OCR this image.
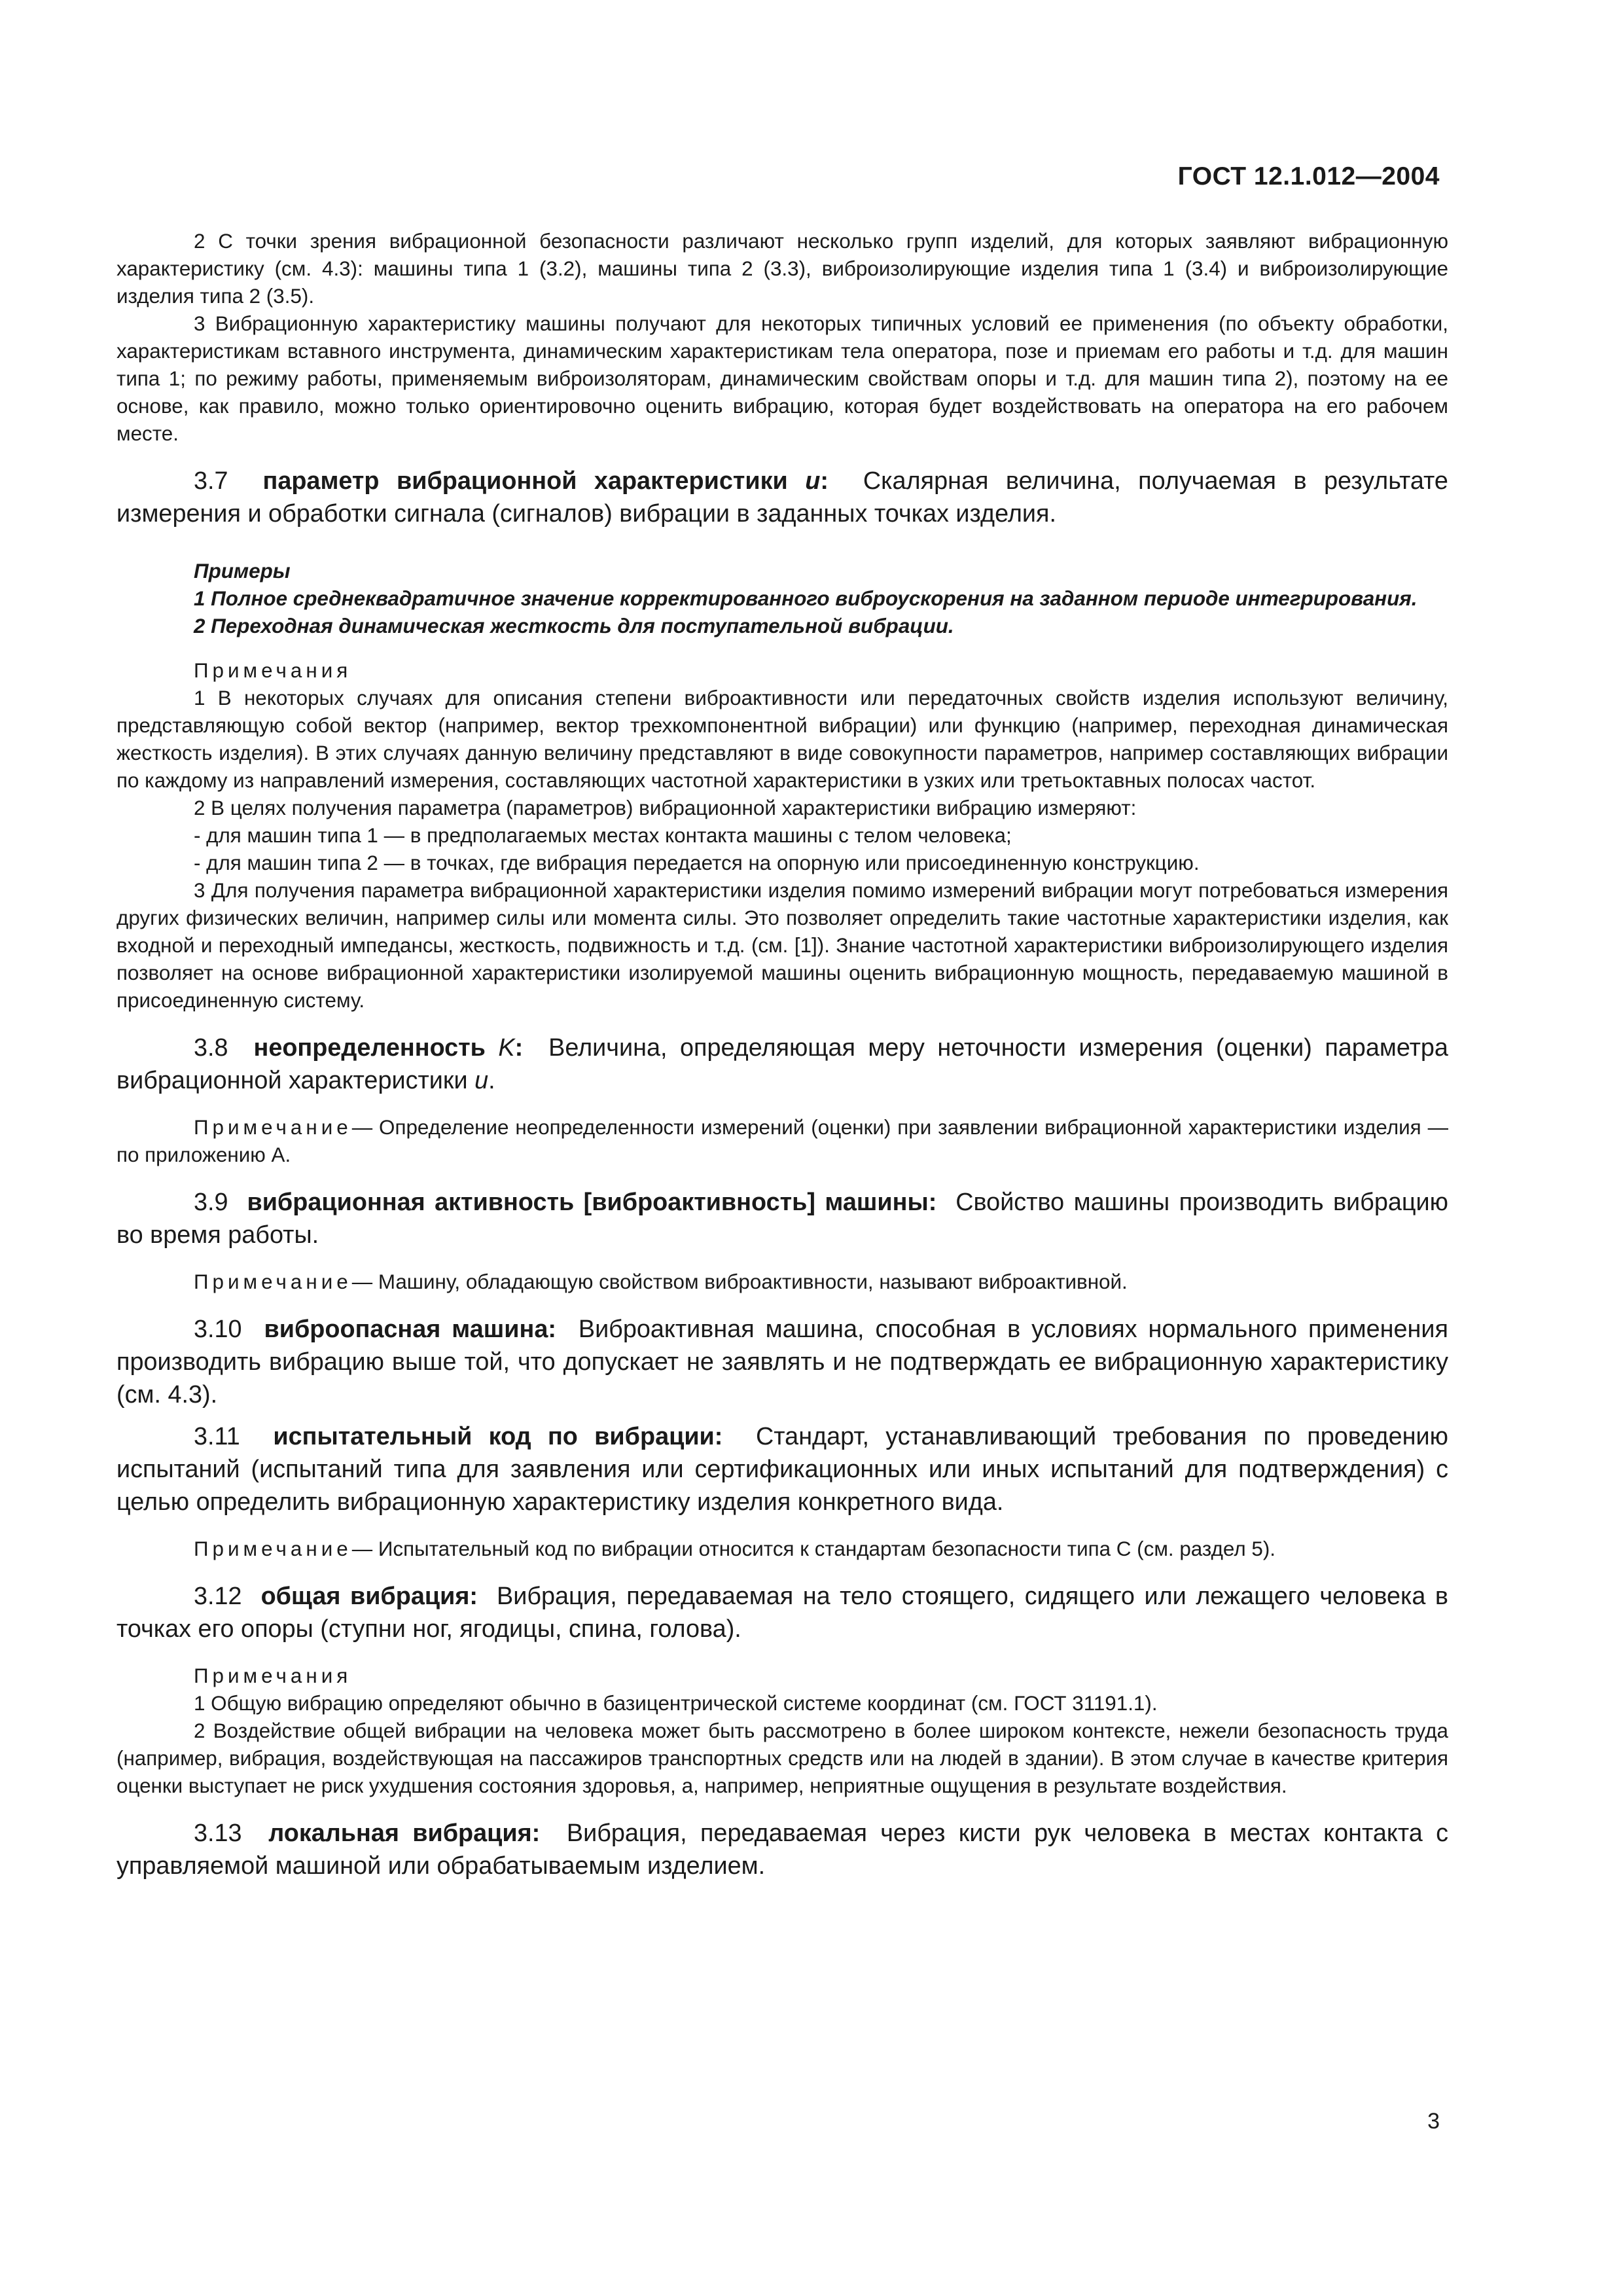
ГОСТ 12.1.012—2004

2 С точки зрения вибрационной безопасности различают несколько групп изделий, для которых заявляют вибрационную характеристику (см. 4.3): машины типа 1 (3.2), машины типа 2 (3.3), виброизолирующие изделия типа 1 (3.4) и виброизолирующие изделия типа 2 (3.5).

3 Вибрационную характеристику машины получают для некоторых типичных условий ее применения (по объекту обработки, характеристикам вставного инструмента, динамическим характеристикам тела оператора, позе и приемам его работы и т.д. для машин типа 1; по режиму работы, применяемым виброизоляторам, динамическим свойствам опоры и т.д. для машин типа 2), поэтому на ее основе, как правило, можно только ориентировочно оценить вибрацию, которая будет воздействовать на оператора на его рабочем месте.

3.7 параметр вибрационной характеристики u: Скалярная величина, получаемая в результате измерения и обработки сигнала (сигналов) вибрации в заданных точках изделия.

Примеры

1 Полное среднеквадратичное значение корректированного виброускорения на заданном периоде интегрирования.

2 Переходная динамическая жесткость для поступательной вибрации.

Примечания

1 В некоторых случаях для описания степени виброактивности или передаточных свойств изделия используют величину, представляющую собой вектор (например, вектор трехкомпонентной вибрации) или функцию (например, переходная динамическая жесткость изделия). В этих случаях данную величину представляют в виде совокупности параметров, например составляющих вибрации по каждому из направлений измерения, составляющих частотной характеристики в узких или третьоктавных полосах частот.

2 В целях получения параметра (параметров) вибрационной характеристики вибрацию измеряют:

- для машин типа 1 — в предполагаемых местах контакта машины с телом человека;

- для машин типа 2 — в точках, где вибрация передается на опорную или присоединенную конструкцию.

3 Для получения параметра вибрационной характеристики изделия помимо измерений вибрации могут потребоваться измерения других физических величин, например силы или момента силы. Это позволяет определить такие частотные характеристики изделия, как входной и переходный импедансы, жесткость, подвижность и т.д. (см. [1]). Знание частотной характеристики виброизолирующего изделия позволяет на основе вибрационной характеристики изолируемой машины оценить вибрационную мощность, передаваемую машиной в присоединенную систему.

3.8 неопределенность K: Величина, определяющая меру неточности измерения (оценки) параметра вибрационной характеристики u.

Примечание— Определение неопределенности измерений (оценки) при заявлении вибрационной характеристики изделия — по приложению А.

3.9 вибрационная активность [виброактивность] машины: Свойство машины производить вибрацию во время работы.

Примечание— Машину, обладающую свойством виброактивности, называют виброактивной.

3.10 виброопасная машина: Виброактивная машина, способная в условиях нормального применения производить вибрацию выше той, что допускает не заявлять и не подтверждать ее вибрационную характеристику (см. 4.3).

3.11 испытательный код по вибрации: Стандарт, устанавливающий требования по проведению испытаний (испытаний типа для заявления или сертификационных или иных испытаний для подтверждения) с целью определить вибрационную характеристику изделия конкретного вида.

Примечание— Испытательный код по вибрации относится к стандартам безопасности типа С (см. раздел 5).

3.12 общая вибрация: Вибрация, передаваемая на тело стоящего, сидящего или лежащего человека в точках его опоры (ступни ног, ягодицы, спина, голова).

Примечания

1 Общую вибрацию определяют обычно в базицентрической системе координат (см. ГОСТ 31191.1).

2 Воздействие общей вибрации на человека может быть рассмотрено в более широком контексте, нежели безопасность труда (например, вибрация, воздействующая на пассажиров транспортных средств или на людей в здании). В этом случае в качестве критерия оценки выступает не риск ухудшения состояния здоровья, а, например, неприятные ощущения в результате воздействия.

3.13 локальная вибрация: Вибрация, передаваемая через кисти рук человека в местах контакта с управляемой машиной или обрабатываемым изделием.

3
